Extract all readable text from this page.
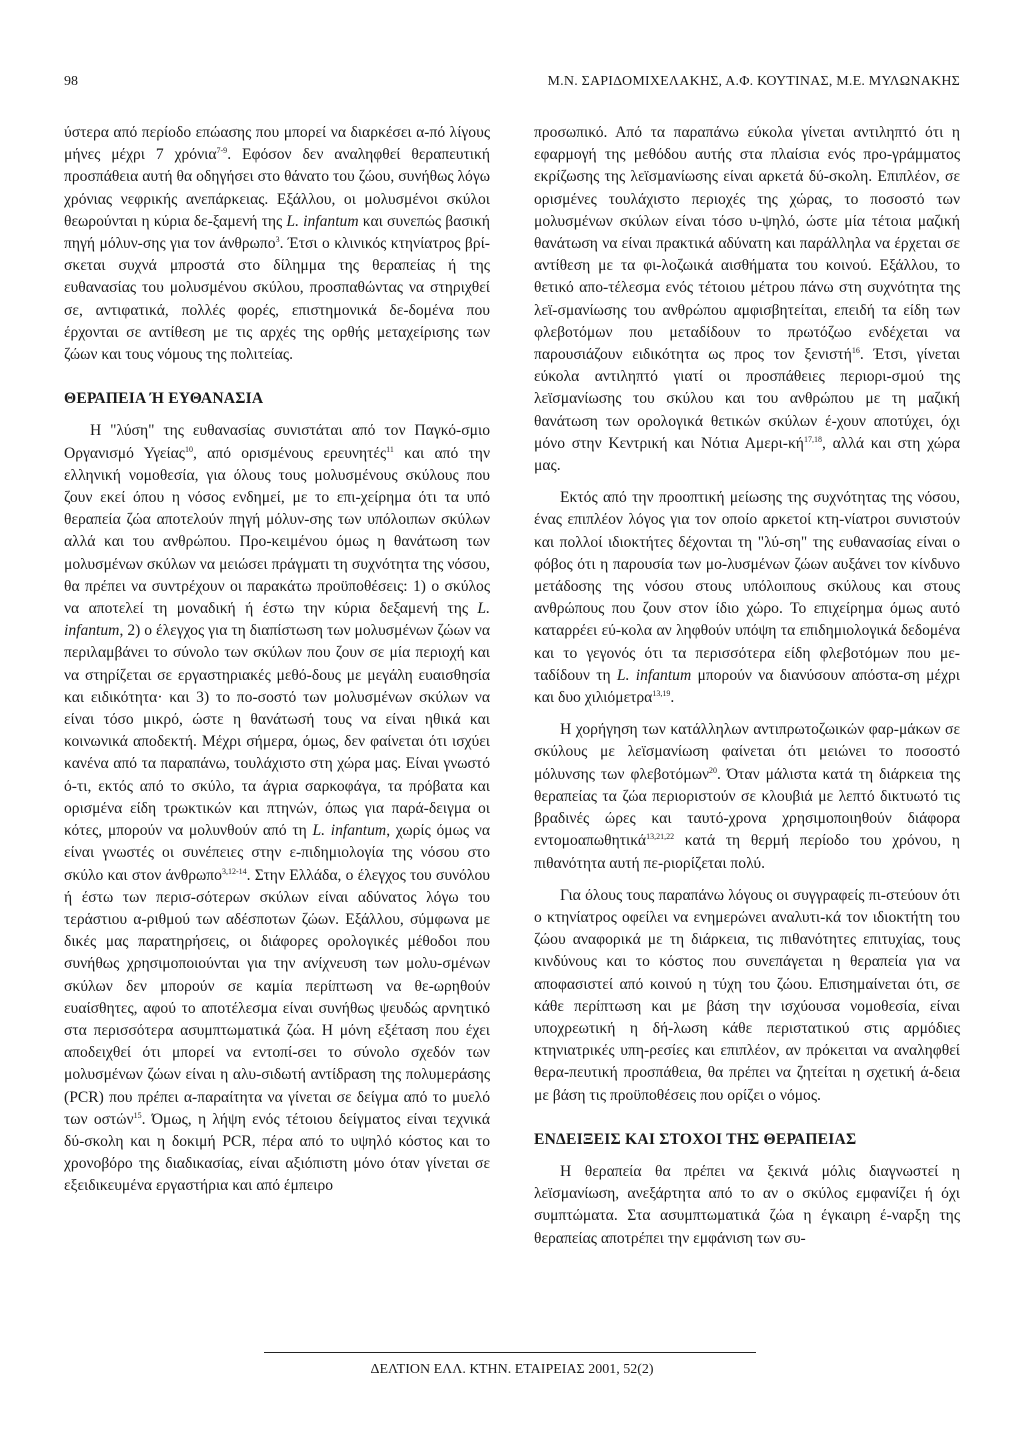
98	Μ.Ν. ΣΑΡΙΔΟΜΙΧΕΛΑΚΗΣ, Α.Φ. ΚΟΥΤΙΝΑΣ, Μ.Ε. ΜΥΛΩΝΑΚΗΣ

ύστερα από περίοδο επώασης που μπορεί να διαρκέσει α-πό λίγους μήνες μέχρι 7 χρόνια$^{7-9}$. Εφόσον δεν αναληφθεί θεραπευτική προσπάθεια αυτή θα οδηγήσει στο θάνατο του ζώου, συνήθως λόγω χρόνιας νεφρικής ανεπάρκειας. Εξάλλου, οι μολυσμένοι σκύλοι θεωρούνται η κύρια δε-ξαμενή της L. infantum και συνεπώς βασική πηγή μόλυν-σης για τον άνθρωπο$^3$. Έτσι ο κλινικός κτηνίατρος βρί-σκεται συχνά μπροστά στο δίλημμα της θεραπείας ή της ευθανασίας του μολυσμένου σκύλου, προσπαθώντας να στηριχθεί σε, αντιφατικά, πολλές φορές, επιστημονικά δε-δομένα που έρχονται σε αντίθεση με τις αρχές της ορθής μεταχείρισης των ζώων και τους νόμους της πολιτείας.

ΘΕΡΑΠΕΙΑ Ή ΕΥΘΑΝΑΣΙΑ

Η "λύση" της ευθανασίας συνιστάται από τον Παγκό-σμιο Οργανισμό Υγείας$^{10}$, από ορισμένους ερευνητές$^{11}$ και από την ελληνική νομοθεσία, για όλους τους μολυσμένους σκύλους που ζουν εκεί όπου η νόσος ενδημεί, με το επι-χείρημα ότι τα υπό θεραπεία ζώα αποτελούν πηγή μόλυν-σης των υπόλοιπων σκύλων αλλά και του ανθρώπου. Προ-κειμένου όμως η θανάτωση των μολυσμένων σκύλων να μειώσει πράγματι τη συχνότητα της νόσου, θα πρέπει να συντρέχουν οι παρακάτω προϋποθέσεις: 1) ο σκύλος να αποτελεί τη μοναδική ή έστω την κύρια δεξαμενή της L. infantum, 2) ο έλεγχος για τη διαπίστωση των μολυσμένων ζώων να περιλαμβάνει το σύνολο των σκύλων που ζουν σε μία περιοχή και να στηρίζεται σε εργαστηριακές μεθό-δους με μεγάλη ευαισθησία και ειδικότητα· και 3) το πο-σοστό των μολυσμένων σκύλων να είναι τόσο μικρό, ώστε η θανάτωσή τους να είναι ηθικά και κοινωνικά αποδεκτή. Μέχρι σήμερα, όμως, δεν φαίνεται ότι ισχύει κανένα από τα παραπάνω, τουλάχιστο στη χώρα μας. Είναι γνωστό ό-τι, εκτός από το σκύλο, τα άγρια σαρκοφάγα, τα πρόβατα και ορισμένα είδη τρωκτικών και πτηνών, όπως για παρά-δειγμα οι κότες, μπορούν να μολυνθούν από τη L. infantum, χωρίς όμως να είναι γνωστές οι συνέπειες στην ε-πιδημιολογία της νόσου στο σκύλο και στον άνθρωπο$^{3,12-14}$. Στην Ελλάδα, ο έλεγχος του συνόλου ή έστω των περισ-σότερων σκύλων είναι αδύνατος λόγω του τεράστιου α-ριθμού των αδέσποτων ζώων. Εξάλλου, σύμφωνα με δικές μας παρατηρήσεις, οι διάφορες ορολογικές μέθοδοι που συνήθως χρησιμοποιούνται για την ανίχνευση των μολυ-σμένων σκύλων δεν μπορούν σε καμία περίπτωση να θε-ωρηθούν ευαίσθητες, αφού το αποτέλεσμα είναι συνήθως ψευδώς αρνητικό στα περισσότερα ασυμπτωματικά ζώα. Η μόνη εξέταση που έχει αποδειχθεί ότι μπορεί να εντοπί-σει το σύνολο σχεδόν των μολυσμένων ζώων είναι η αλυ-σιδωτή αντίδραση της πολυμεράσης (PCR) που πρέπει α-παραίτητα να γίνεται σε δείγμα από το μυελό των οστών$^{15}$. Όμως, η λήψη ενός τέτοιου δείγματος είναι τεχνικά δύ-σκολη και η δοκιμή PCR, πέρα από το υψηλό κόστος και το χρονοβόρο της διαδικασίας, είναι αξιόπιστη μόνο όταν γίνεται σε εξειδικευμένα εργαστήρια και από έμπειρο

προσωπικό. Από τα παραπάνω εύκολα γίνεται αντιληπτό ότι η εφαρμογή της μεθόδου αυτής στα πλαίσια ενός προ-γράμματος εκρίζωσης της λεϊσμανίωσης είναι αρκετά δύ-σκολη. Επιπλέον, σε ορισμένες τουλάχιστο περιοχές της χώρας, το ποσοστό των μολυσμένων σκύλων είναι τόσο υ-ψηλό, ώστε μία τέτοια μαζική θανάτωση να είναι πρακτικά αδύνατη και παράλληλα να έρχεται σε αντίθεση με τα φι-λοζωικά αισθήματα του κοινού. Εξάλλου, το θετικό απο-τέλεσμα ενός τέτοιου μέτρου πάνω στη συχνότητα της λεϊ-σμανίωσης του ανθρώπου αμφισβητείται, επειδή τα είδη των φλεβοτόμων που μεταδίδουν το πρωτόζωο ενδέχεται να παρουσιάζουν ειδικότητα ως προς τον ξενιστή$^{16}$. Έτσι, γίνεται εύκολα αντιληπτό γιατί οι προσπάθειες περιορι-σμού της λεϊσμανίωσης του σκύλου και του ανθρώπου με τη μαζική θανάτωση των ορολογικά θετικών σκύλων έ-χουν αποτύχει, όχι μόνο στην Κεντρική και Νότια Αμερι-κή$^{17,18}$, αλλά και στη χώρα μας.

Εκτός από την προοπτική μείωσης της συχνότητας της νόσου, ένας επιπλέον λόγος για τον οποίο αρκετοί κτη-νίατροι συνιστούν και πολλοί ιδιοκτήτες δέχονται τη "λύ-ση" της ευθανασίας είναι ο φόβος ότι η παρουσία των μο-λυσμένων ζώων αυξάνει τον κίνδυνο μετάδοσης της νόσου στους υπόλοιπους σκύλους και στους ανθρώπους που ζουν στον ίδιο χώρο. Το επιχείρημα όμως αυτό καταρρέει εύ-κολα αν ληφθούν υπόψη τα επιδημιολογικά δεδομένα και το γεγονός ότι τα περισσότερα είδη φλεβοτόμων που με-ταδίδουν τη L. infantum μπορούν να διανύσουν απόστα-ση μέχρι και δυο χιλιόμετρα$^{13,19}$.

Η χορήγηση των κατάλληλων αντιπρωτοζωικών φαρ-μάκων σε σκύλους με λεϊσμανίωση φαίνεται ότι μειώνει το ποσοστό μόλυνσης των φλεβοτόμων$^{20}$. Όταν μάλιστα κατά τη διάρκεια της θεραπείας τα ζώα περιοριστούν σε κλουβιά με λεπτό δικτυωτό τις βραδινές ώρες και ταυτό-χρονα χρησιμοποιηθούν διάφορα εντομοαπωθητικά$^{13,21,22}$ κατά τη θερμή περίοδο του χρόνου, η πιθανότητα αυτή πε-ριορίζεται πολύ.

Για όλους τους παραπάνω λόγους οι συγγραφείς πι-στεύουν ότι ο κτηνίατρος οφείλει να ενημερώνει αναλυτι-κά τον ιδιοκτήτη του ζώου αναφορικά με τη διάρκεια, τις πιθανότητες επιτυχίας, τους κινδύνους και το κόστος που συνεπάγεται η θεραπεία για να αποφασιστεί από κοινού η τύχη του ζώου. Επισημαίνεται ότι, σε κάθε περίπτωση και με βάση την ισχύουσα νομοθεσία, είναι υποχρεωτική η δή-λωση κάθε περιστατικού στις αρμόδιες κτηνιατρικές υπη-ρεσίες και επιπλέον, αν πρόκειται να αναληφθεί θερα-πευτική προσπάθεια, θα πρέπει να ζητείται η σχετική ά-δεια με βάση τις προϋποθέσεις που ορίζει ο νόμος.

ΕΝΔΕΙΞΕΙΣ ΚΑΙ ΣΤΟΧΟΙ ΤΗΣ ΘΕΡΑΠΕΙΑΣ

Η θεραπεία θα πρέπει να ξεκινά μόλις διαγνωστεί η λεϊσμανίωση, ανεξάρτητα από το αν ο σκύλος εμφανίζει ή όχι συμπτώματα. Στα ασυμπτωματικά ζώα η έγκαιρη έ-ναρξη της θεραπείας αποτρέπει την εμφάνιση των συ-

ΔΕΛΤΙΟΝ ΕΛΛ. ΚΤΗΝ. ΕΤΑΙΡΕΙΑΣ 2001, 52(2)
